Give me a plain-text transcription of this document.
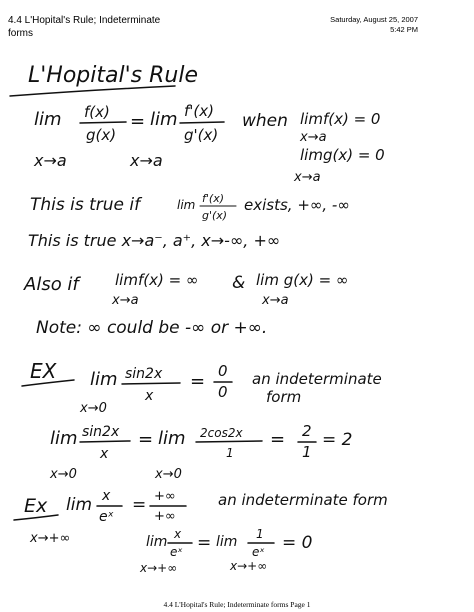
4.4 L'Hopital's Rule; Indeterminate
forms
Saturday, August 25, 2007
5:42 PM
L'Hopital's Rule
lim f(x)
g(x)
= lim f'(x)
g'(x)
when limf(x) = 0
x→a
x→a	x→a	limg(x) = 0
x→a
This is true if	lim f'(x)
g'(x)
exists, +∞, -∞
This is true x→a⁻, a⁺, x→-∞, +∞
Also if limf(x) = ∞
x→a
& lim g(x) = ∞
x→a
Note: ∞ could be -∞ or +∞.
EX lim
x→0
sin2x
x
= 0
0
an indeterminate
form
lim sin2x
x
= lim 2cos2x
1
= 2
1
= 2
x→0	x→0
Ex lim x
eˣ
= +∞
+∞
an indeterminate form
x→+∞	lim x
eˣ = lim 1
eˣ = 0
x→+∞	x→+∞
4.4 L'Hopital's Rule; Indeterminate forms Page 1
